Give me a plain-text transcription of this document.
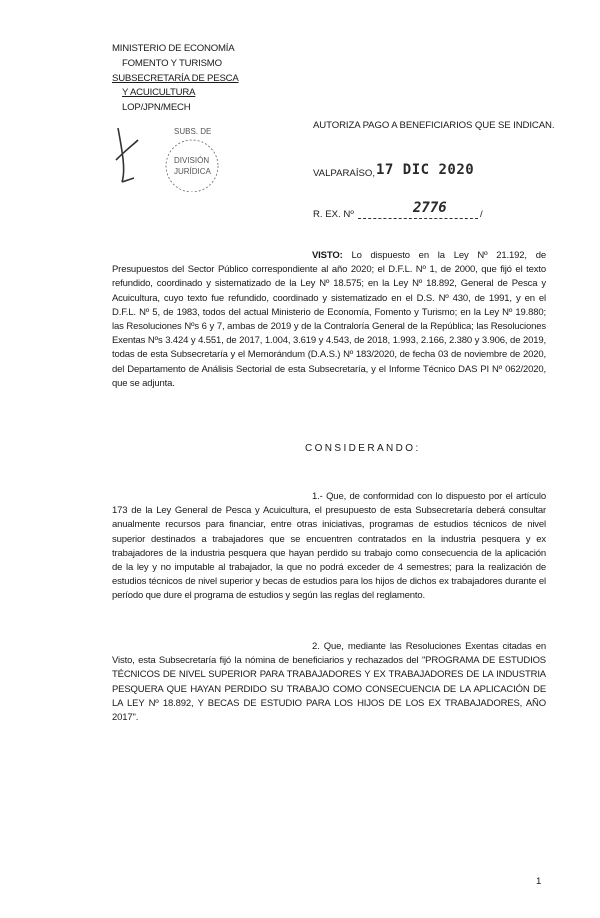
MINISTERIO DE ECONOMÍA
FOMENTO Y TURISMO
SUBSECRETARÍA DE PESCA
Y ACUICULTURA
LOP/JPN/MECH
SUBS. DE
DIVISIÓN
JURÍDICA
AUTORIZA PAGO A BENEFICIARIOS QUE SE INDICAN.
VALPARAÍSO, 17 DIC 2020
R. EX. Nº	2776	/
VISTO: Lo dispuesto en la Ley Nº 21.192, de Presupuestos del Sector Público correspondiente al año 2020; el D.F.L. Nº 1, de 2000, que fijó el texto refundido, coordinado y sistematizado de la Ley Nº 18.575; en la Ley Nº 18.892, General de Pesca y Acuicultura, cuyo texto fue refundido, coordinado y sistematizado en el D.S. Nº 430, de 1991, y en el D.F.L. Nº 5, de 1983, todos del actual Ministerio de Economía, Fomento y Turismo; en la Ley Nº 19.880; las Resoluciones Nºs 6 y 7, ambas de 2019 y de la Contraloría General de la República; las Resoluciones Exentas Nºs 3.424 y 4.551, de 2017, 1.004, 3.619 y 4.543, de 2018, 1.993, 2.166, 2.380 y 3.906, de 2019, todas de esta Subsecretaría y el Memorándum (D.A.S.) Nº 183/2020, de fecha 03 de noviembre de 2020, del Departamento de Análisis Sectorial de esta Subsecretaría, y el Informe Técnico DAS PI Nº 062/2020, que se adjunta.
CONSIDERANDO:
1.- Que, de conformidad con lo dispuesto por el artículo 173 de la Ley General de Pesca y Acuicultura, el presupuesto de esta Subsecretaría deberá consultar anualmente recursos para financiar, entre otras iniciativas, programas de estudios técnicos de nivel superior destinados a trabajadores que se encuentren contratados en la industria pesquera y ex trabajadores de la industria pesquera que hayan perdido su trabajo como consecuencia de la aplicación de la ley y no imputable al trabajador, la que no podrá exceder de 4 semestres; para la realización de estudios técnicos de nivel superior y becas de estudios para los hijos de dichos ex trabajadores durante el período que dure el programa de estudios y según las reglas del reglamento.
2. Que, mediante las Resoluciones Exentas citadas en Visto, esta Subsecretaría fijó la nómina de beneficiarios y rechazados del "PROGRAMA DE ESTUDIOS TÉCNICOS DE NIVEL SUPERIOR PARA TRABAJADORES Y EX TRABAJADORES DE LA INDUSTRIA PESQUERA QUE HAYAN PERDIDO SU TRABAJO COMO CONSECUENCIA DE LA APLICACIÓN DE LA LEY Nº 18.892, Y BECAS DE ESTUDIO PARA LOS HIJOS DE LOS EX TRABAJADORES, AÑO 2017".
1
